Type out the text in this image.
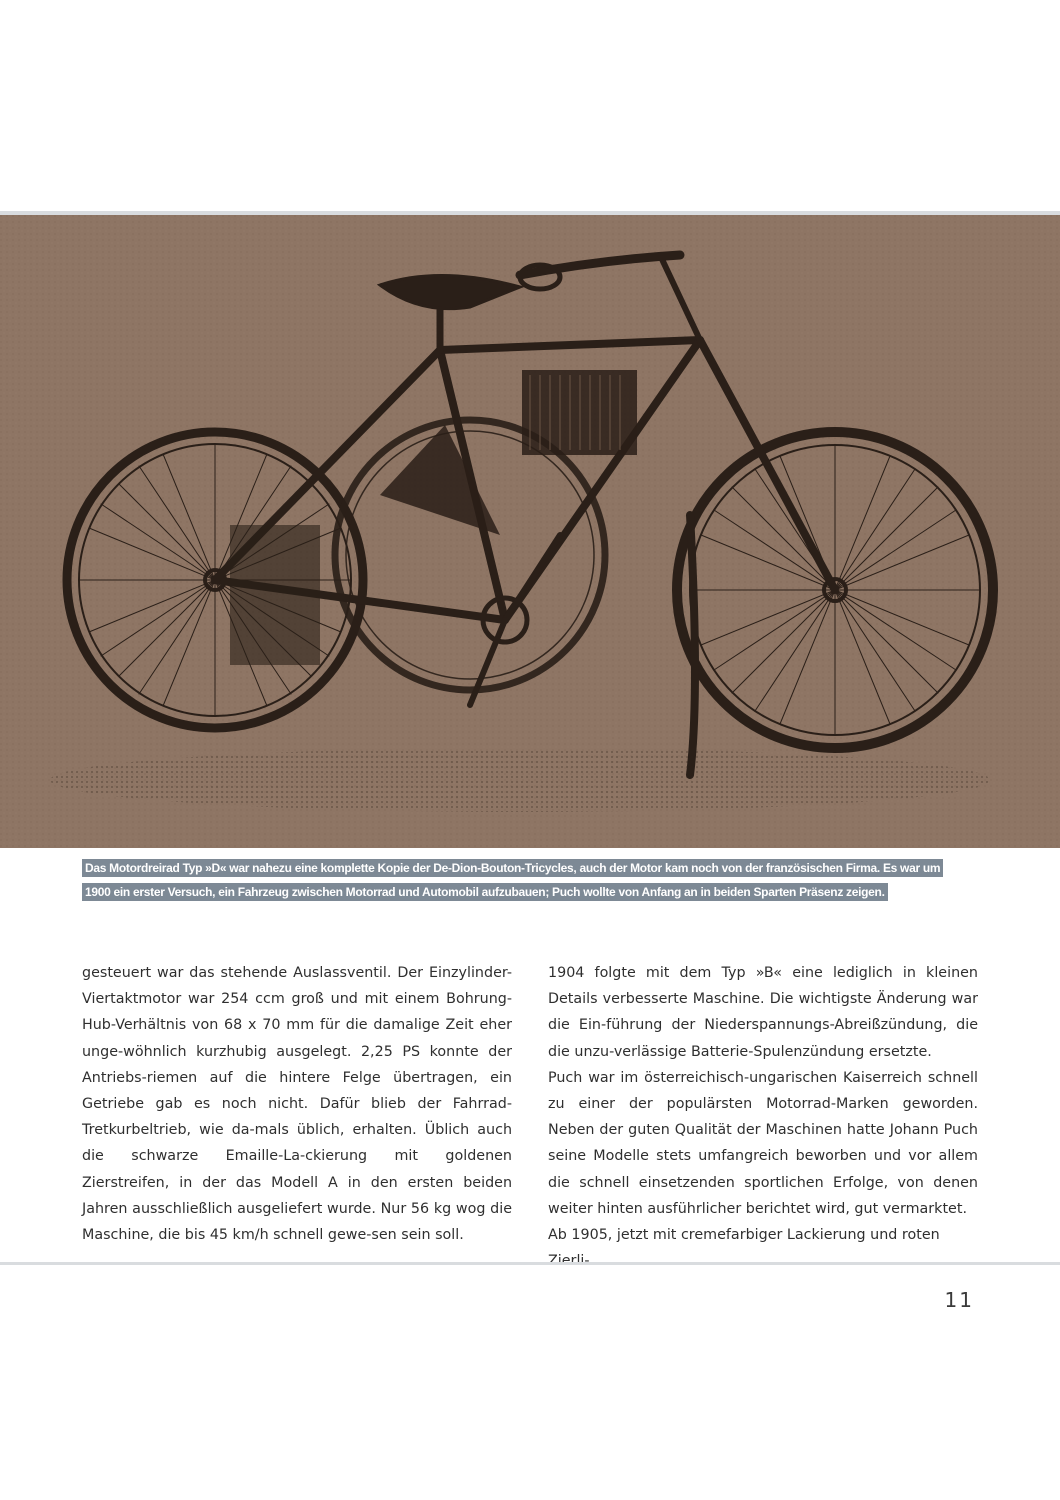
Das Motordreirad Typ »D« war nahezu eine komplette Kopie der De-Dion-Bouton-Tricycles, auch der Motor kam noch von der französischen Firma. Es war um
1900 ein erster Versuch, ein Fahrzeug zwischen Motorrad und Automobil aufzubauen; Puch wollte von Anfang an in beiden Sparten Präsenz zeigen.

gesteuert war das stehende Auslassventil. Der Einzylinder-Viertaktmotor war 254 ccm groß und mit einem Bohrung-Hub-Verhältnis von 68 x 70 mm für die damalige Zeit eher unge-wöhnlich kurzhubig ausgelegt. 2,25 PS konnte der Antriebs-riemen auf die hintere Felge übertragen, ein Getriebe gab es noch nicht. Dafür blieb der Fahrrad-Tretkurbeltrieb, wie da-mals üblich, erhalten. Üblich auch die schwarze Emaille-La-ckierung mit goldenen Zierstreifen, in der das Modell A in den ersten beiden Jahren ausschließlich ausgeliefert wurde. Nur 56 kg wog die Maschine, die bis 45 km/h schnell gewe-sen sein soll.

1904 folgte mit dem Typ »B« eine lediglich in kleinen Details verbesserte Maschine. Die wichtigste Änderung war die Ein-führung der Niederspannungs-Abreißzündung, die die unzu-verlässige Batterie-Spulenzündung ersetzte.

Puch war im österreichisch-ungarischen Kaiserreich schnell zu einer der populärsten Motorrad-Marken geworden. Neben der guten Qualität der Maschinen hatte Johann Puch seine Modelle stets umfangreich beworben und vor allem die schnell einsetzenden sportlichen Erfolge, von denen weiter hinten ausführlicher berichtet wird, gut vermarktet.

Ab 1905, jetzt mit cremefarbiger Lackierung und roten

11
